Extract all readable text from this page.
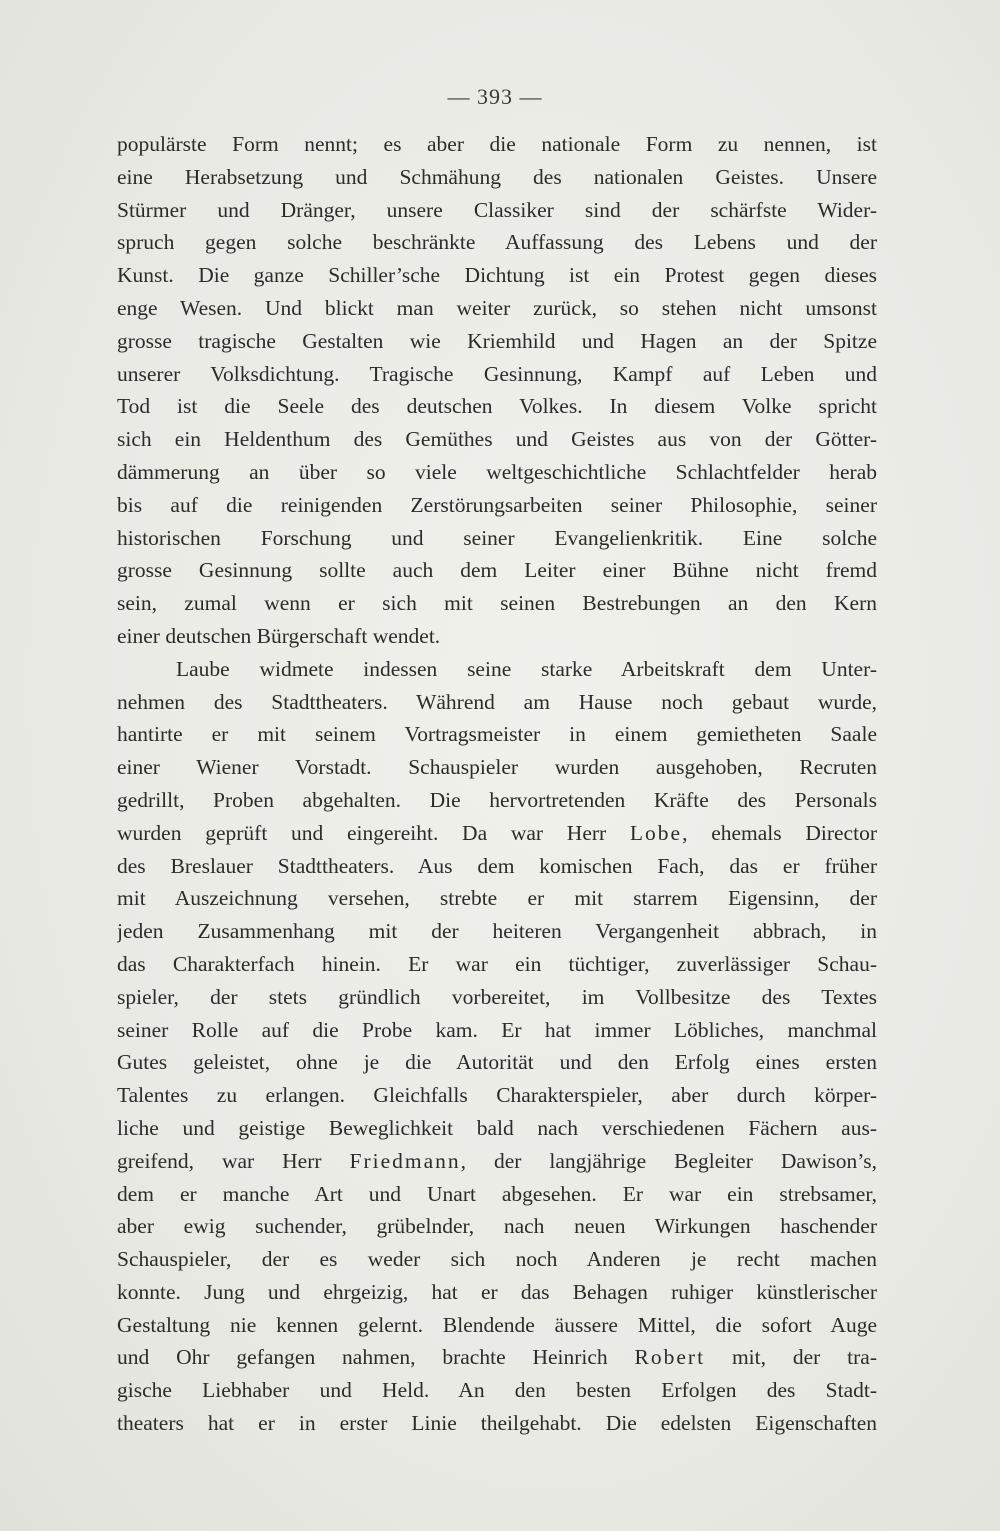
— 393 —
populärste Form nennt; es aber die nationale Form zu nennen, ist
eine Herabsetzung und Schmähung des nationalen Geistes. Unsere
Stürmer und Dränger, unsere Classiker sind der schärfste Wider-
spruch gegen solche beschränkte Auffassung des Lebens und der
Kunst. Die ganze Schiller’sche Dichtung ist ein Protest gegen dieses
enge Wesen. Und blickt man weiter zurück, so stehen nicht umsonst
grosse tragische Gestalten wie Kriemhild und Hagen an der Spitze
unserer Volksdichtung. Tragische Gesinnung, Kampf auf Leben und
Tod ist die Seele des deutschen Volkes. In diesem Volke spricht
sich ein Heldenthum des Gemüthes und Geistes aus von der Götter-
dämmerung an über so viele weltgeschichtliche Schlachtfelder herab
bis auf die reinigenden Zerstörungsarbeiten seiner Philosophie, seiner
historischen Forschung und seiner Evangelienkritik. Eine solche
grosse Gesinnung sollte auch dem Leiter einer Bühne nicht fremd
sein, zumal wenn er sich mit seinen Bestrebungen an den Kern
einer deutschen Bürgerschaft wendet.
Laube widmete indessen seine starke Arbeitskraft dem Unter-
nehmen des Stadttheaters. Während am Hause noch gebaut wurde,
hantirte er mit seinem Vortragsmeister in einem gemietheten Saale
einer Wiener Vorstadt. Schauspieler wurden ausgehoben, Recruten
gedrillt, Proben abgehalten. Die hervortretenden Kräfte des Personals
wurden geprüft und eingereiht. Da war Herr Lobe, ehemals Director
des Breslauer Stadttheaters. Aus dem komischen Fach, das er früher
mit Auszeichnung versehen, strebte er mit starrem Eigensinn, der
jeden Zusammenhang mit der heiteren Vergangenheit abbrach, in
das Charakterfach hinein. Er war ein tüchtiger, zuverlässiger Schau-
spieler, der stets gründlich vorbereitet, im Vollbesitze des Textes
seiner Rolle auf die Probe kam. Er hat immer Löbliches, manchmal
Gutes geleistet, ohne je die Autorität und den Erfolg eines ersten
Talentes zu erlangen. Gleichfalls Charakterspieler, aber durch körper-
liche und geistige Beweglichkeit bald nach verschiedenen Fächern aus-
greifend, war Herr Friedmann, der langjährige Begleiter Dawison’s,
dem er manche Art und Unart abgesehen. Er war ein strebsamer,
aber ewig suchender, grübelnder, nach neuen Wirkungen haschender
Schauspieler, der es weder sich noch Anderen je recht machen
konnte. Jung und ehrgeizig, hat er das Behagen ruhiger künstlerischer
Gestaltung nie kennen gelernt. Blendende äussere Mittel, die sofort Auge
und Ohr gefangen nahmen, brachte Heinrich Robert mit, der tra-
gische Liebhaber und Held. An den besten Erfolgen des Stadt-
theaters hat er in erster Linie theilgehabt. Die edelsten Eigenschaften
